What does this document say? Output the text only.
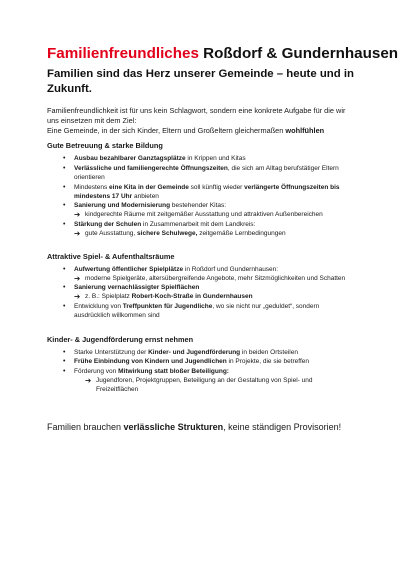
Familienfreundliches Roßdorf & Gundernhausen
Familien sind das Herz unserer Gemeinde – heute und in Zukunft.

Familienfreundlichkeit ist für uns kein Schlagwort, sondern eine konkrete Aufgabe für die wir uns einsetzen mit dem Ziel:

Eine Gemeinde, in der sich Kinder, Eltern und Großeltern gleichermaßen wohlfühlen

Gute Betreuung & starke Bildung
• Ausbau bezahlbarer Ganztagsplätze in Krippen und Kitas
• Verlässliche und familiengerechte Öffnungszeiten, die sich am Alltag berufstätiger Eltern orientieren
• Mindestens eine Kita in der Gemeinde soll künftig wieder verlängerte Öffnungszeiten bis mindestens 17 Uhr anbieten
• Sanierung und Modernisierung bestehender Kitas:
➔ kindgerechte Räume mit zeitgemäßer Ausstattung und attraktiven Außenbereichen
• Stärkung der Schulen in Zusammenarbeit mit dem Landkreis:
➔ gute Ausstattung, sichere Schulwege, zeitgemäße Lernbedingungen
Attraktive Spiel- & Aufenthaltsräume
• Aufwertung öffentlicher Spielplätze in Roßdorf und Gundernhausen:
➔ moderne Spielgeräte, altersübergreifende Angebote, mehr Sitzmöglichkeiten und Schatten
• Sanierung vernachlässigter Spielflächen
➔ z. B.: Spielplatz Robert-Koch-Straße in Gundernhausen
• Entwicklung von Treffpunkten für Jugendliche, wo sie nicht nur „geduldet“, sondern ausdrücklich willkommen sind
Kinder- & Jugendförderung ernst nehmen
• Starke Unterstützung der Kinder- und Jugendförderung in beiden Ortsteilen
• Frühe Einbindung von Kindern und Jugendlichen in Projekte, die sie betreffen
• Förderung von Mitwirkung statt bloßer Beteiligung:
➔ Jugendforen, Projektgruppen, Beteiligung an der Gestaltung von Spiel- und Freizeitflächen

Familien brauchen verlässliche Strukturen, keine ständigen Provisorien!
